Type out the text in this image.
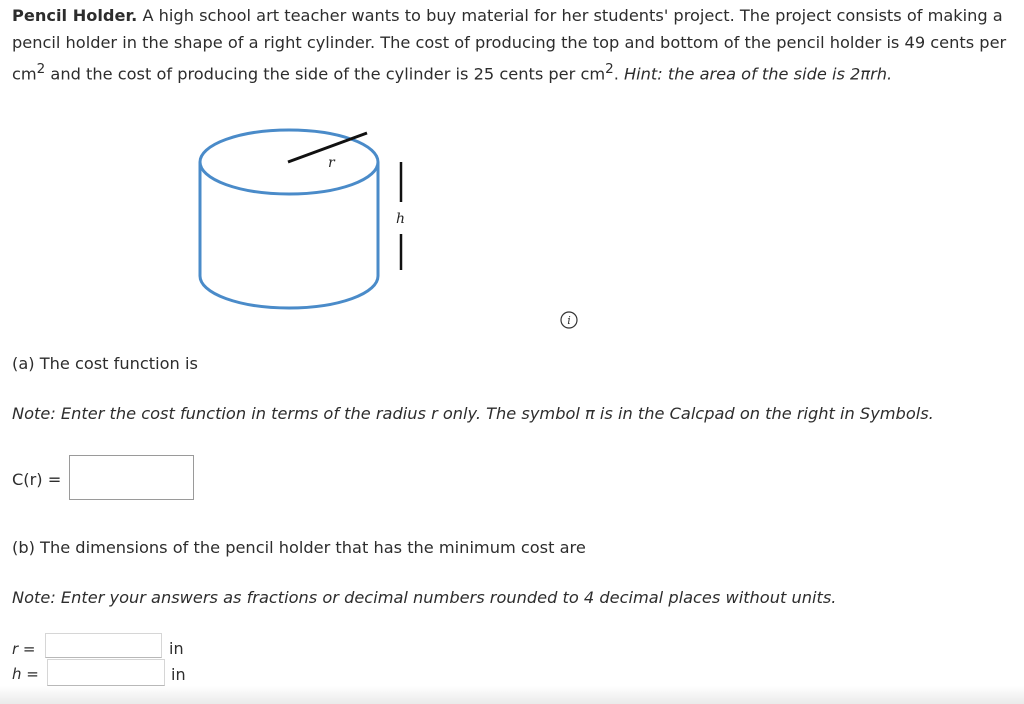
Pencil Holder. A high school art teacher wants to buy material for her students' project. The project consists of making a pencil holder in the shape of a right cylinder. The cost of producing the top and bottom of the pencil holder is 49 cents per $cm^2$ and the cost of producing the side of the cylinder is 25 cents per $cm^2$. Hint: the area of the side is 2πrh.

r
h
i

(a) The cost function is

Note: Enter the cost function in terms of the radius r only. The symbol π is in the Calcpad on the right in Symbols.

C(r) =

(b) The dimensions of the pencil holder that has the minimum cost are

Note: Enter your answers as fractions or decimal numbers rounded to 4 decimal places without units.

r =	in
h =	in
